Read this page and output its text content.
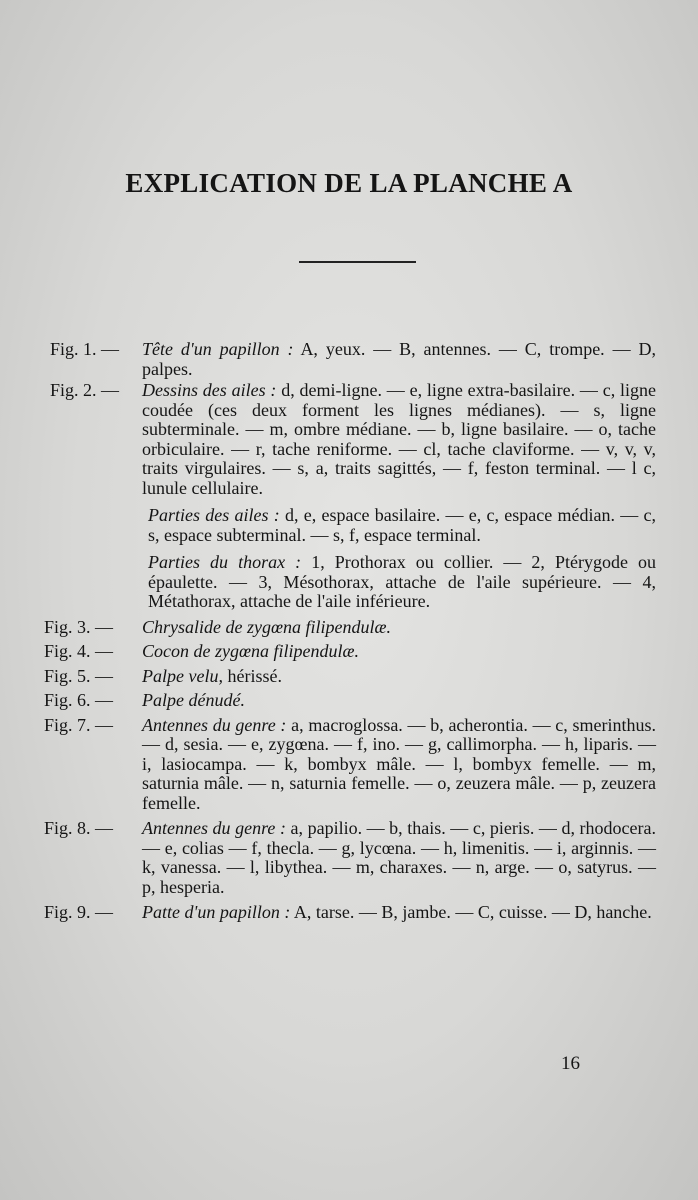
EXPLICATION DE LA PLANCHE A
Fig. 1. — Tête d'un papillon : A, yeux. — B, antennes. — C, trompe. — D, palpes.
Fig. 2. — Dessins des ailes : d, demi-ligne. — e, ligne extra-basilaire. — c, ligne coudée (ces deux forment les lignes médianes). — s, ligne subterminale. — m, ombre médiane. — b, ligne basilaire. — o, tache orbiculaire. — r, tache reniforme. — cl, tache claviforme. — v, v, v, traits virgulaires. — s, a, traits sagittés, — f, feston terminal. — l c, lunule cellulaire.
Parties des ailes : d, e, espace basilaire. — e, c, espace médian. — c, s, espace subterminal. — s, f, espace terminal.
Parties du thorax : 1, Prothorax ou collier. — 2, Ptérygode ou épaulette. — 3, Mésothorax, attache de l'aile supérieure. — 4, Métathorax, attache de l'aile inférieure.
Fig. 3. — Chrysalide de zygœna filipendulæ.
Fig. 4. — Cocon de zygœna filipendulæ.
Fig. 5. — Palpe velu, hérissé.
Fig. 6. — Palpe dénudé.
Fig. 7. — Antennes du genre : a, macroglossa. — b, acherontia. — c, smerinthus. — d, sesia. — e, zygœna. — f, ino. — g, callimorpha. — h, liparis. — i, lasiocampa. — k, bombyx mâle. — l, bombyx femelle. — m, saturnia mâle. — n, saturnia femelle. — o, zeuzera mâle. — p, zeuzera femelle.
Fig. 8. — Antennes du genre : a, papilio. — b, thais. — c, pieris. — d, rhodocera. — e, colias — f, thecla. — g, lycœna. — h, limenitis. — i, arginnis. — k, vanessa. — l, libythea. — m, charaxes. — n, arge. — o, satyrus. — p, hesperia.
Fig. 9. — Patte d'un papillon : A, tarse. — B, jambe. — C, cuisse. — D, hanche.
16
